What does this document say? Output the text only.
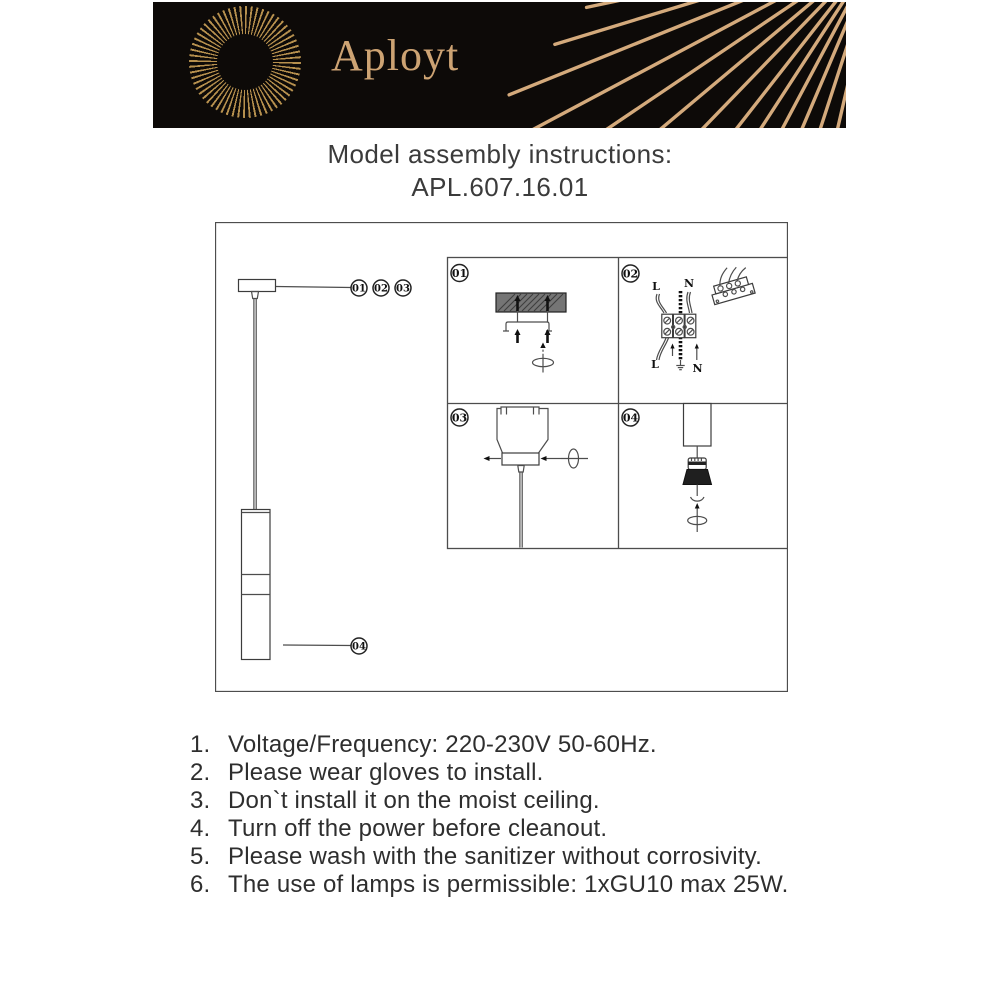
Aployt
Model assembly instructions:
APL.607.16.01
01 02 03
04
01	02
L N
L	N
03	04
1. Voltage/Frequency: 220-230V 50-60Hz.
2. Please wear gloves to install.
3. Don`t install it on the moist ceiling.
4. Turn off the power before cleanout.
5. Please wash with the sanitizer without corrosivity.
6. The use of lamps is permissible: 1xGU10 max 25W.
